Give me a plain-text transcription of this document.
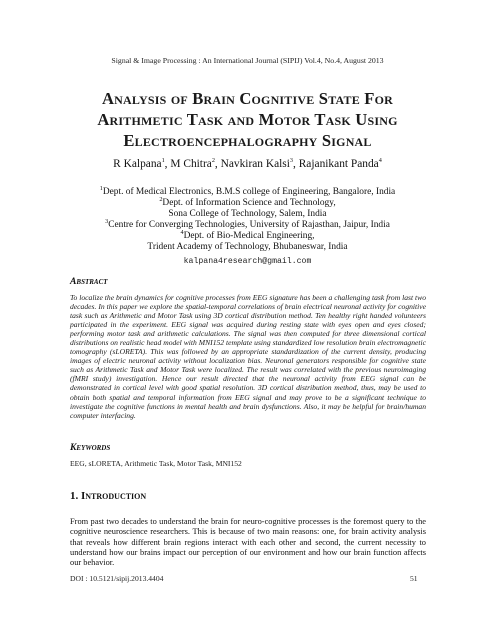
Signal & Image Processing : An International Journal (SIPIJ) Vol.4, No.4, August 2013
Analysis of Brain Cognitive State For
Arithmetic Task and Motor Task Using
Electroencephalography Signal
R Kalpana$^1$, M Chitra$^2$, Navkiran Kalsi$^3$, Rajanikant Panda$^4$
$^1$Dept. of Medical Electronics, B.M.S college of Engineering, Bangalore, India
$^2$Dept. of Information Science and Technology,
Sona College of Technology, Salem, India
$^3$Centre for Converging Technologies, University of Rajasthan, Jaipur, India
$^4$Dept. of Bio-Medical Engineering,
Trident Academy of Technology, Bhubaneswar, India
kalpana4research@gmail.com
Abstract
To localize the brain dynamics for cognitive processes from EEG signature has been a challenging task from last two decades. In this paper we explore the spatial-temporal correlations of brain electrical neuronal activity for cognitive task such as Arithmetic and Motor Task using 3D cortical distribution method. Ten healthy right handed volunteers participated in the experiment. EEG signal was acquired during resting state with eyes open and eyes closed; performing motor task and arithmetic calculations. The signal was then computed for three dimensional cortical distributions on realistic head model with MNI152 template using standardized low resolution brain electromagnetic tomography (sLORETA). This was followed by an appropriate standardization of the current density, producing images of electric neuronal activity without localization bias. Neuronal generators responsible for cognitive state such as Arithmetic Task and Motor Task were localized. The result was correlated with the previous neuroimaging (fMRI study) investigation. Hence our result directed that the neuronal activity from EEG signal can be demonstrated in cortical level with good spatial resolution. 3D cortical distribution method, thus, may be used to obtain both spatial and temporal information from EEG signal and may prove to be a significant technique to investigate the cognitive functions in mental health and brain dysfunctions. Also, it may be helpful for brain/human computer interfacing.
Keywords
EEG, sLORETA, Arithmetic Task, Motor Task, MNI152
1. Introduction
From past two decades to understand the brain for neuro-cognitive processes is the foremost query to the cognitive neuroscience researchers. This is because of two main reasons: one, for brain activity analysis that reveals how different brain regions interact with each other and second, the current necessity to understand how our brains impact our perception of our environment and how our brain function affects our behavior.
DOI : 10.5121/sipij.2013.4404	51
